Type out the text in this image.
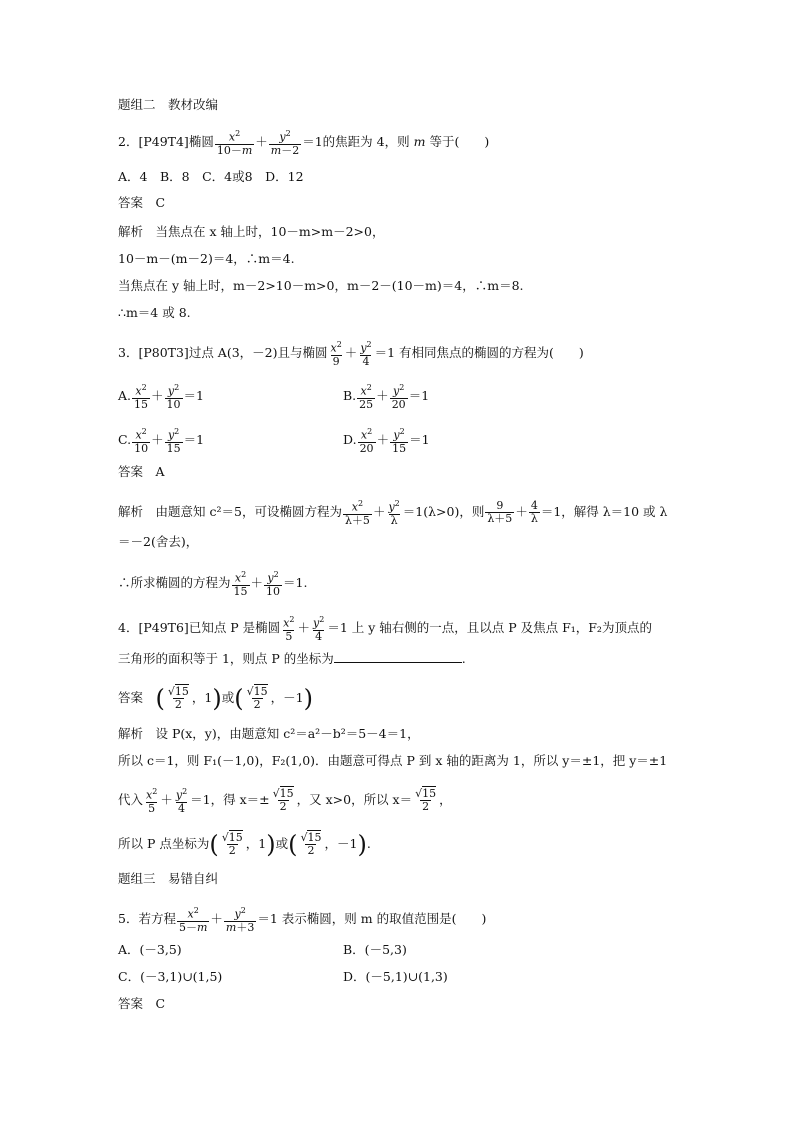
题组二　教材改编
2．[P49T4]椭圆 $\frac{x^2}{10-m} + \frac{y^2}{m-2} =1$的焦距为 4，则 m 等于(　　)
A．4　B．8　C．4或8　D．12
答案　C
解析　当焦点在 x 轴上时，10－m>m－2>0，
10－m－(m－2)＝4，∴m＝4.
当焦点在 y 轴上时，m－2>10－m>0，m－2－(10－m)＝4，∴m＝8.
∴m＝4 或 8.
3．[P80T3]过点 A(3，－2)且与椭圆 $\frac{x^2}{9} + \frac{y^2}{4} =1$ 有相同焦点的椭圆的方程为(　　)
A. $\frac{x^2}{15} + \frac{y^2}{10} =1$	B. $\frac{x^2}{25} + \frac{y^2}{20} =1$
C. $\frac{x^2}{10} + \frac{y^2}{15} =1$	D. $\frac{x^2}{20} + \frac{y^2}{15} =1$
答案　A
解析　由题意知 c²＝5，可设椭圆方程为 $\frac{x^2}{\lambda+5} + \frac{y^2}{\lambda} =1(\lambda>0)$，则 $\frac{9}{\lambda+5} + \frac{4}{\lambda} =1$，解得 λ＝10 或 λ
＝－2(舍去)，
∴所求椭圆的方程为 $\frac{x^2}{15} + \frac{y^2}{10} =1$.
4．[P49T6]已知点 P 是椭圆 $\frac{x^2}{5} + \frac{y^2}{4} =1$ 上 y 轴右侧的一点，且以点 P 及焦点 F₁，F₂为顶点的
三角形的面积等于 1，则点 P 的坐标为	.
答案　 ( $\frac{√15}{2}$ ，1)或( $\frac{√15}{2}$ ，－1)
解析　设 P(x，y)，由题意知 c²＝a²－b²＝5－4＝1，
所以 c＝1，则 F₁(－1,0)，F₂(1,0)．由题意可得点 P 到 x 轴的距离为 1，所以 y＝±1，把 y＝±1
代入 $\frac{x^2}{5} + \frac{y^2}{4} =1$，得 $x=\pm \frac{√15}{2}$ ，又 x>0，所以 $x= \frac{√15}{2}$ ，
所以 P 点坐标为( $\frac{√15}{2}$ ，1)或( $\frac{√15}{2}$ ，－1).
题组三　易错自纠
5．若方程 $\frac{x^2}{5-m} + \frac{y^2}{m+3} =1$ 表示椭圆，则 m 的取值范围是(　　)
A．(－3,5)	B．(－5,3)
C．(－3,1)∪(1,5)	D．(－5,1)∪(1,3)
答案　C
